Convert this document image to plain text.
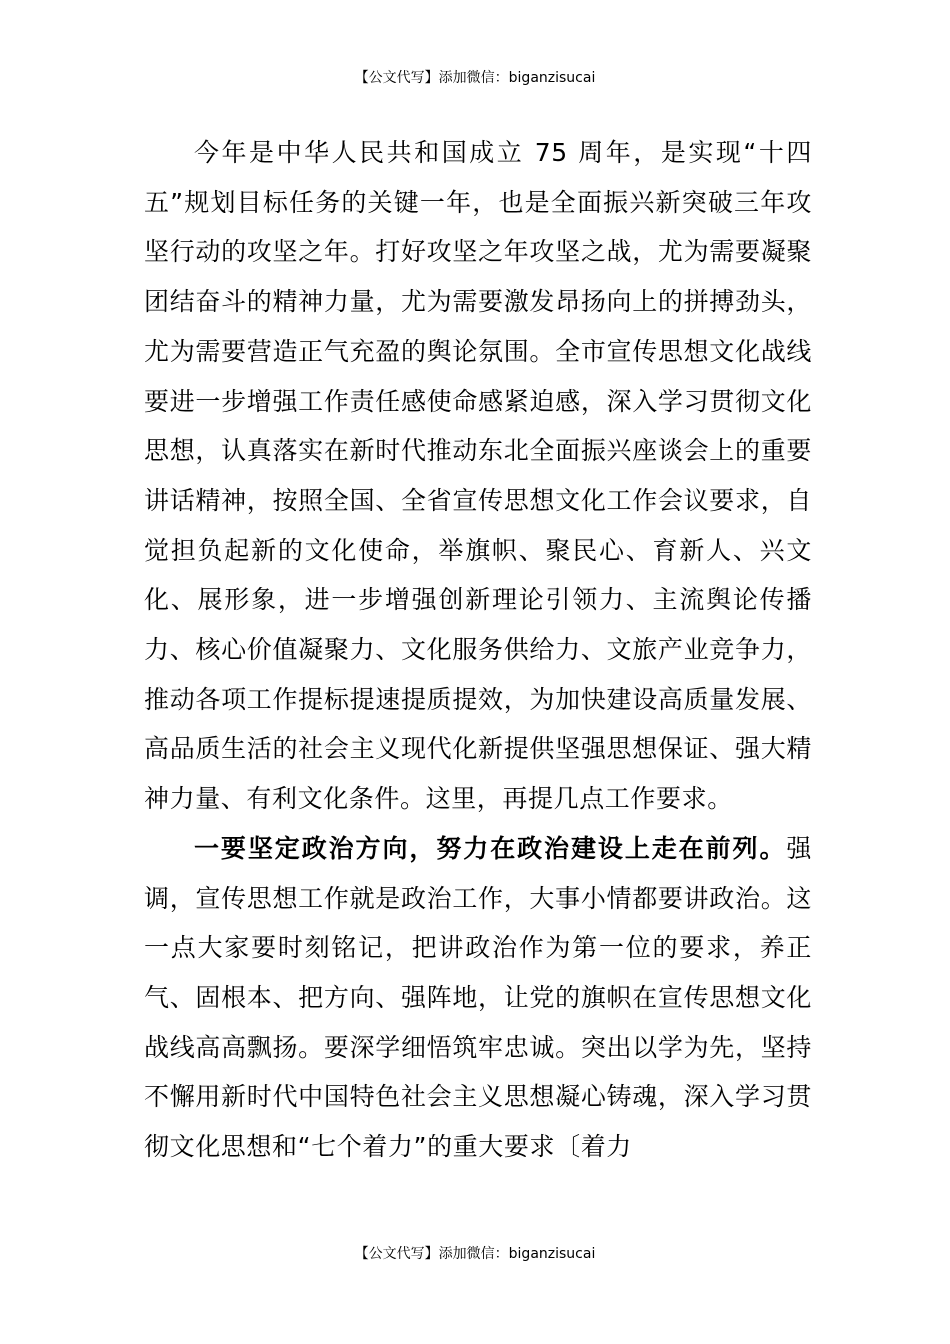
【公文代写】添加微信：biganzisucai

今年是中华人民共和国成立 75 周年，是实现“十四五”规划目标任务的关键一年，也是全面振兴新突破三年攻坚行动的攻坚之年。打好攻坚之年攻坚之战，尤为需要凝聚团结奋斗的精神力量，尤为需要激发昂扬向上的拼搏劲头，尤为需要营造正气充盈的舆论氛围。全市宣传思想文化战线要进一步增强工作责任感使命感紧迫感，深入学习贯彻文化思想，认真落实在新时代推动东北全面振兴座谈会上的重要讲话精神，按照全国、全省宣传思想文化工作会议要求，自觉担负起新的文化使命，举旗帜、聚民心、育新人、兴文化、展形象，进一步增强创新理论引领力、主流舆论传播力、核心价值凝聚力、文化服务供给力、文旅产业竞争力，推动各项工作提标提速提质提效，为加快建设高质量发展、高品质生活的社会主义现代化新提供坚强思想保证、强大精神力量、有利文化条件。这里，再提几点工作要求。

一要坚定政治方向，努力在政治建设上走在前列。强调，宣传思想工作就是政治工作，大事小情都要讲政治。这一点大家要时刻铭记，把讲政治作为第一位的要求，养正气、固根本、把方向、强阵地，让党的旗帜在宣传思想文化战线高高飘扬。要深学细悟筑牢忠诚。突出以学为先，坚持不懈用新时代中国特色社会主义思想凝心铸魂，深入学习贯彻文化思想和“七个着力”的重大要求〔着力

【公文代写】添加微信：biganzisucai
